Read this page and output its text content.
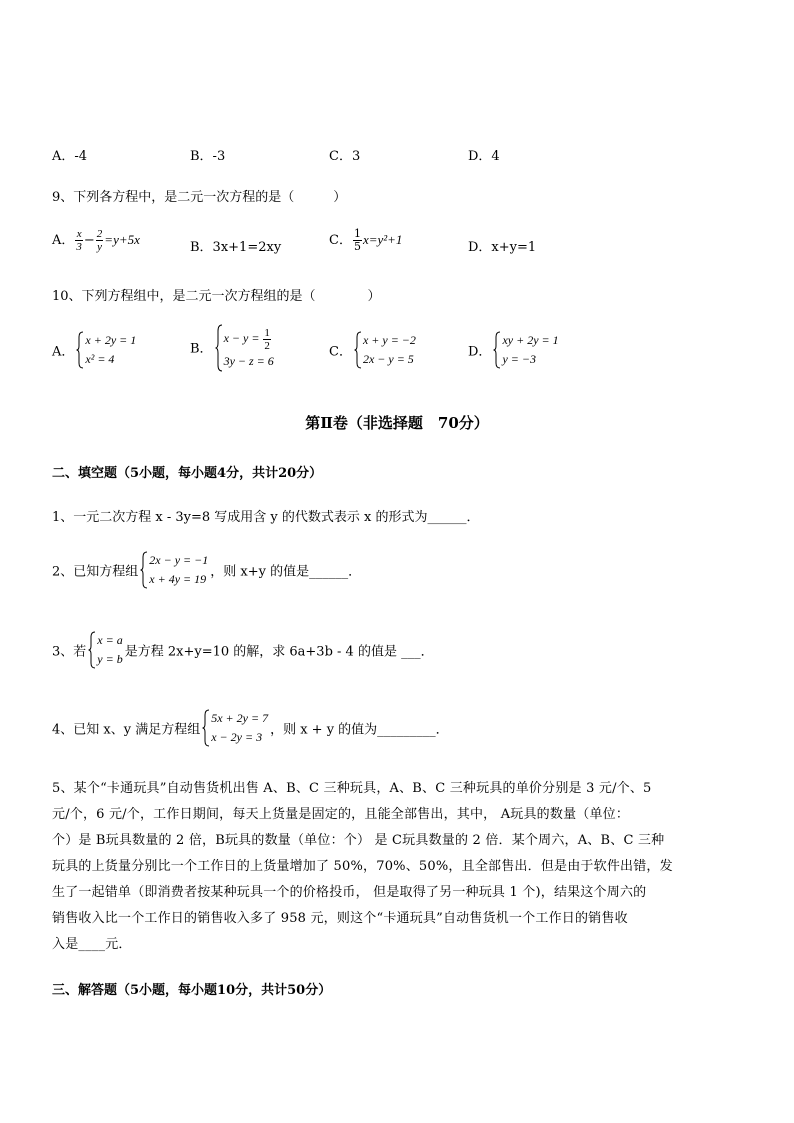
A．-4	B．-3	C．3	D．4
9、下列各方程中，是二元一次方程的是（　　　）
A． $\frac{x}{3} - \frac{2}{y} =y+5x$
B．3x+1=2xy	C． $\frac{1}{5} x=y^2+1$
D．x+y=1
10、下列方程组中，是二元一次方程组的是（　　　　）
A．
x + 2y = 1
x² = 4
B．
$x - y = \frac{1}{2}$
3y − z = 6
C．
x + y = −2
2x − y = 5	D．
xy + 2y = 1
y = −3
第Ⅱ卷（非选择题　70分）
二、填空题（5小题，每小题4分，共计20分）
1、一元二次方程 x - 3y=8 写成用含 y 的代数式表示 x 的形式为______．
2、已知方程组
2x − y = −1
x + 4y = 19 ，则 x+y 的值是______．
3、若
x = a
y = b 是方程 2x+y=10 的解，求 6a+3b - 4 的值是 ___．
4、已知 x、y 满足方程组
5x + 2y = 7
x − 2y = 3 ，则 x + y 的值为_________．
5、某个“卡通玩具”自动售货机出售 A、B、C 三种玩具，A、B、C 三种玩具的单价分别是 3 元/个、5
元/个，6 元/个，工作日期间，每天上货量是固定的，且能全部售出，其中， A玩具的数量（单位：
个）是 B玩具数量的 2 倍，B玩具的数量（单位：个） 是 C玩具数量的 2 倍．某个周六，A、B、C 三种
玩具的上货量分别比一个工作日的上货量增加了 50%，70%、50%，且全部售出．但是由于软件出错，发
生了一起错单（即消费者按某种玩具一个的价格投币， 但是取得了另一种玩具 1 个)，结果这个周六的
销售收入比一个工作日的销售收入多了 958 元，则这个“卡通玩具”自动售货机一个工作日的销售收
入是____元．
三、解答题（5小题，每小题10分，共计50分）
